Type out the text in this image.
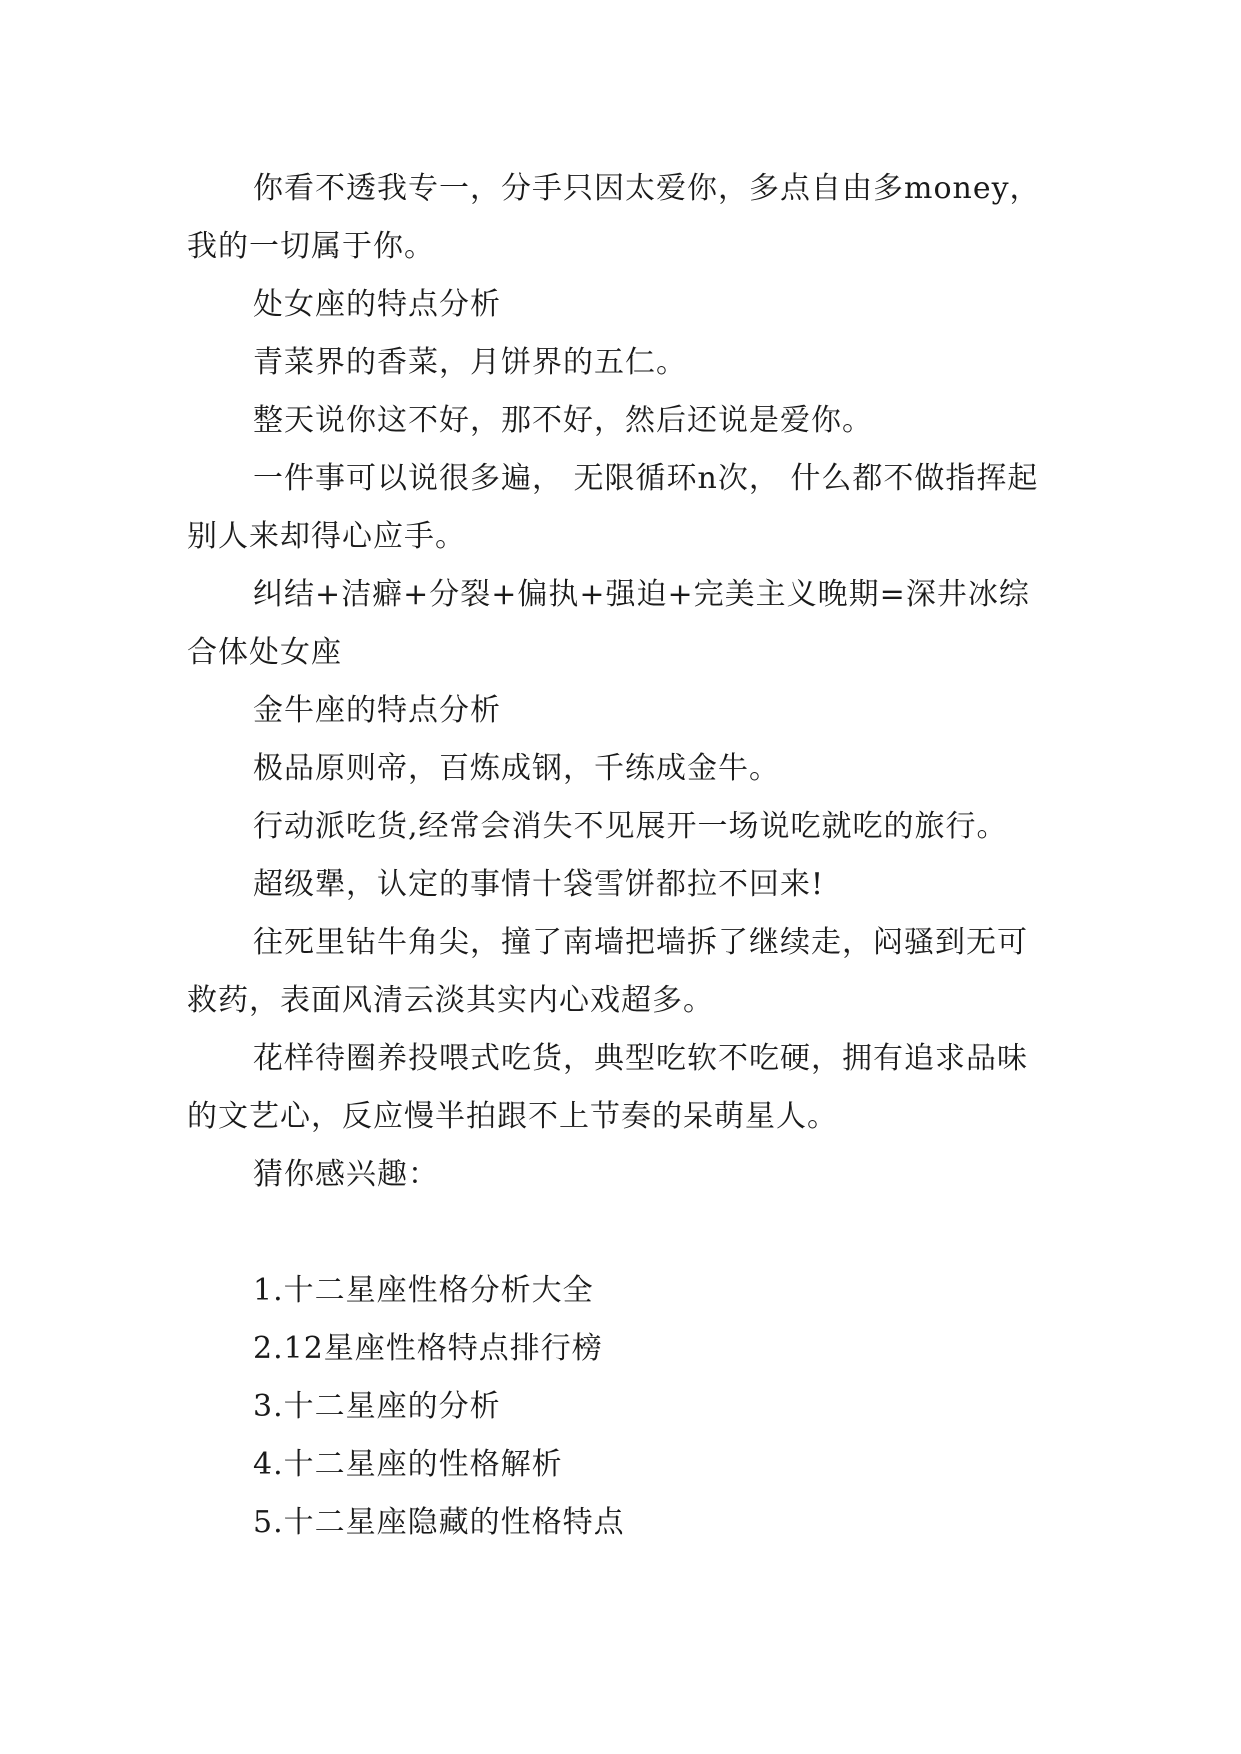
你看不透我专一，分手只因太爱你，多点自由多money，我的一切属于你。

处女座的特点分析

青菜界的香菜，月饼界的五仁。

整天说你这不好，那不好，然后还说是爱你。

一件事可以说很多遍， 无限循环n次， 什么都不做指挥起别人来却得心应手。

纠结+洁癖+分裂+偏执+强迫+完美主义晚期=深井冰综合体处女座

金牛座的特点分析

极品原则帝，百炼成钢，千练成金牛。

行动派吃货,经常会消失不见展开一场说吃就吃的旅行。

超级犟，认定的事情十袋雪饼都拉不回来!

往死里钻牛角尖，撞了南墙把墙拆了继续走，闷骚到无可救药，表面风清云淡其实内心戏超多。

花样待圈养投喂式吃货，典型吃软不吃硬，拥有追求品味的文艺心，反应慢半拍跟不上节奏的呆萌星人。

猜你感兴趣：

1.十二星座性格分析大全
2.12星座性格特点排行榜
3.十二星座的分析
4.十二星座的性格解析
5.十二星座隐藏的性格特点
